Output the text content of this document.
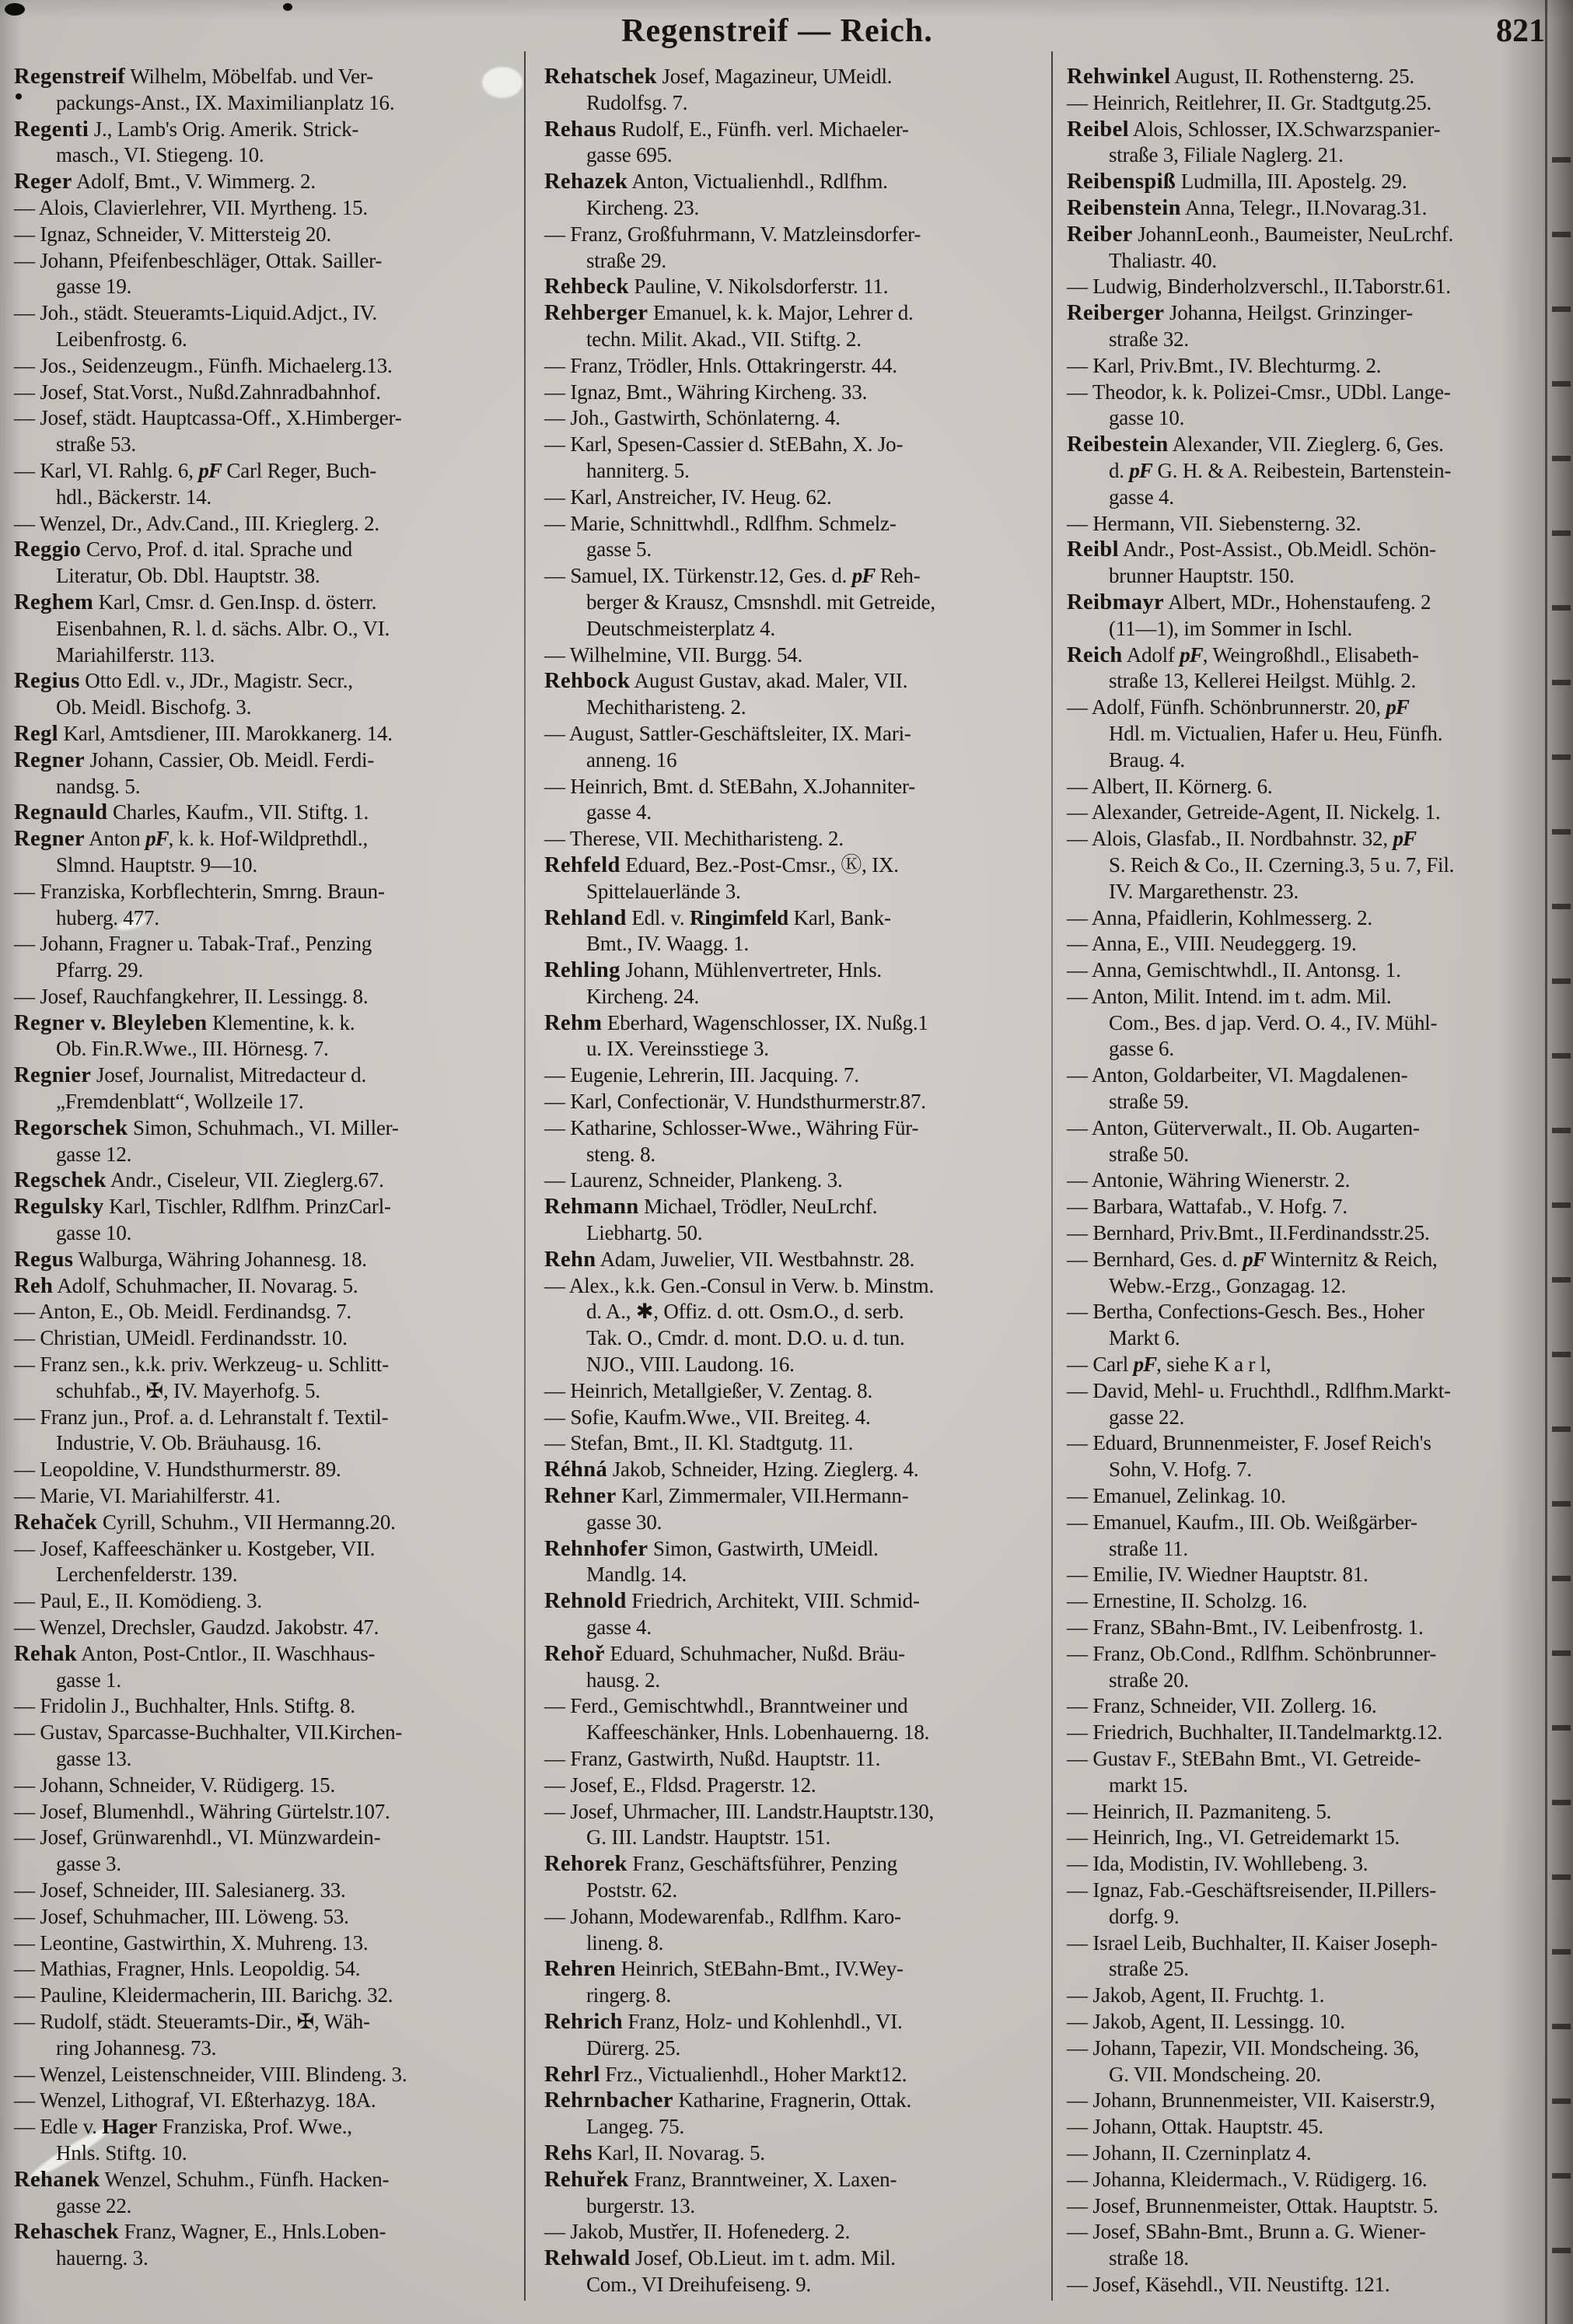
Regenstreif — Reich.	821
Regenstreif Wilhelm, Möbelfab. und Ver-
packungs-Anst., IX. Maximilianplatz 16.
Regenti J., Lamb's Orig. Amerik. Strick-
masch., VI. Stiegeng. 10.
Reger Adolf, Bmt., V. Wimmerg. 2.
— Alois, Clavierlehrer, VII. Myrtheng. 15.
— Ignaz, Schneider, V. Mittersteig 20.
— Johann, Pfeifenbeschläger, Ottak. Sailler-
gasse 19.
— Joh., städt. Steueramts-Liquid.Adjct., IV.
Leibenfrostg. 6.
— Jos., Seidenzeugm., Fünfh. Michaelerg.13.
— Josef, Stat.Vorst., Nußd.Zahnradbahnhof.
— Josef, städt. Hauptcassa-Off., X.Himberger-
straße 53.
— Karl, VI. Rahlg. 6, pF Carl Reger, Buch-
hdl., Bäckerstr. 14.
— Wenzel, Dr., Adv.Cand., III. Krieglerg. 2.
Reggio Cervo, Prof. d. ital. Sprache und
Literatur, Ob. Dbl. Hauptstr. 38.
Reghem Karl, Cmsr. d. Gen.Insp. d. österr.
Eisenbahnen, R. l. d. sächs. Albr. O., VI.
Mariahilferstr. 113.
Regius Otto Edl. v., JDr., Magistr. Secr.,
Ob. Meidl. Bischofg. 3.
Regl Karl, Amtsdiener, III. Marokkanerg. 14.
Regner Johann, Cassier, Ob. Meidl. Ferdi-
nandsg. 5.
Regnauld Charles, Kaufm., VII. Stiftg. 1.
Regner Anton pF, k. k. Hof-Wildprethdl.,
Slmnd. Hauptstr. 9—10.
— Franziska, Korbflechterin, Smrng. Braun-
huberg. 477.
— Johann, Fragner u. Tabak-Traf., Penzing
Pfarrg. 29.
— Josef, Rauchfangkehrer, II. Lessingg. 8.
Regner v. Bleyleben Klementine, k. k.
Ob. Fin.R.Wwe., III. Hörnesg. 7.
Regnier Josef, Journalist, Mitredacteur d.
„Fremdenblatt“, Wollzeile 17.
Regorschek Simon, Schuhmach., VI. Miller-
gasse 12.
Regschek Andr., Ciseleur, VII. Zieglerg.67.
Regulsky Karl, Tischler, Rdlfhm. PrinzCarl-
gasse 10.
Regus Walburga, Währing Johannesg. 18.
Reh Adolf, Schuhmacher, II. Novarag. 5.
— Anton, E., Ob. Meidl. Ferdinandsg. 7.
— Christian, UMeidl. Ferdinandsstr. 10.
— Franz sen., k.k. priv. Werkzeug- u. Schlitt-
schuhfab., ✠, IV. Mayerhofg. 5.
— Franz jun., Prof. a. d. Lehranstalt f. Textil-
Industrie, V. Ob. Bräuhausg. 16.
— Leopoldine, V. Hundsthurmerstr. 89.
— Marie, VI. Mariahilferstr. 41.
Rehaček Cyrill, Schuhm., VII Hermanng.20.
— Josef, Kaffeeschänker u. Kostgeber, VII.
Lerchenfelderstr. 139.
— Paul, E., II. Komödieng. 3.
— Wenzel, Drechsler, Gaudzd. Jakobstr. 47.
Rehak Anton, Post-Cntlor., II. Waschhaus-
gasse 1.
— Fridolin J., Buchhalter, Hnls. Stiftg. 8.
— Gustav, Sparcasse-Buchhalter, VII.Kirchen-
gasse 13.
— Johann, Schneider, V. Rüdigerg. 15.
— Josef, Blumenhdl., Währing Gürtelstr.107.
— Josef, Grünwarenhdl., VI. Münzwardein-
gasse 3.
— Josef, Schneider, III. Salesianerg. 33.
— Josef, Schuhmacher, III. Löweng. 53.
— Leontine, Gastwirthin, X. Muhreng. 13.
— Mathias, Fragner, Hnls. Leopoldig. 54.
— Pauline, Kleidermacherin, III. Barichg. 32.
— Rudolf, städt. Steueramts-Dir., ✠, Wäh-
ring Johannesg. 73.
— Wenzel, Leistenschneider, VIII. Blindeng. 3.
— Wenzel, Lithograf, VI. Eßterhazyg. 18A.
— Edle v. Hager Franziska, Prof. Wwe.,
Hnls. Stiftg. 10.
Rehanek Wenzel, Schuhm., Fünfh. Hacken-
gasse 22.
Rehaschek Franz, Wagner, E., Hnls.Loben-
hauerng. 3.
Rehatschek Josef, Magazineur, UMeidl.
Rudolfsg. 7.
Rehaus Rudolf, E., Fünfh. verl. Michaeler-
gasse 695.
Rehazek Anton, Victualienhdl., Rdlfhm.
Kircheng. 23.
— Franz, Großfuhrmann, V. Matzleinsdorfer-
straße 29.
Rehbeck Pauline, V. Nikolsdorferstr. 11.
Rehberger Emanuel, k. k. Major, Lehrer d.
techn. Milit. Akad., VII. Stiftg. 2.
— Franz, Trödler, Hnls. Ottakringerstr. 44.
— Ignaz, Bmt., Währing Kircheng. 33.
— Joh., Gastwirth, Schönlaterng. 4.
— Karl, Spesen-Cassier d. StEBahn, X. Jo-
hanniterg. 5.
— Karl, Anstreicher, IV. Heug. 62.
— Marie, Schnittwhdl., Rdlfhm. Schmelz-
gasse 5.
— Samuel, IX. Türkenstr.12, Ges. d. pF Reh-
berger & Krausz, Cmsnshdl. mit Getreide,
Deutschmeisterplatz 4.
— Wilhelmine, VII. Burgg. 54.
Rehbock August Gustav, akad. Maler, VII.
Mechitharisteng. 2.
— August, Sattler-Geschäftsleiter, IX. Mari-
anneng. 16
— Heinrich, Bmt. d. StEBahn, X.Johanniter-
gasse 4.
— Therese, VII. Mechitharisteng. 2.
Rehfeld Eduard, Bez.-Post-Cmsr., Ⓚ, IX.
Spittelauerlände 3.
Rehland Edl. v. Ringimfeld Karl, Bank-
Bmt., IV. Waagg. 1.
Rehling Johann, Mühlenvertreter, Hnls.
Kircheng. 24.
Rehm Eberhard, Wagenschlosser, IX. Nußg.1
u. IX. Vereinsstiege 3.
— Eugenie, Lehrerin, III. Jacquing. 7.
— Karl, Confectionär, V. Hundsthurmerstr.87.
— Katharine, Schlosser-Wwe., Währing Für-
steng. 8.
— Laurenz, Schneider, Plankeng. 3.
Rehmann Michael, Trödler, NeuLrchf.
Liebhartg. 50.
Rehn Adam, Juwelier, VII. Westbahnstr. 28.
— Alex., k.k. Gen.-Consul in Verw. b. Minstm.
d. A., ✱, Offiz. d. ott. Osm.O., d. serb.
Tak. O., Cmdr. d. mont. D.O. u. d. tun.
NJO., VIII. Laudong. 16.
— Heinrich, Metallgießer, V. Zentag. 8.
— Sofie, Kaufm.Wwe., VII. Breiteg. 4.
— Stefan, Bmt., II. Kl. Stadtgutg. 11.
Réhná Jakob, Schneider, Hzing. Zieglerg. 4.
Rehner Karl, Zimmermaler, VII.Hermann-
gasse 30.
Rehnhofer Simon, Gastwirth, UMeidl.
Mandlg. 14.
Rehnold Friedrich, Architekt, VIII. Schmid-
gasse 4.
Rehoř Eduard, Schuhmacher, Nußd. Bräu-
hausg. 2.
— Ferd., Gemischtwhdl., Branntweiner und
Kaffeeschänker, Hnls. Lobenhauerng. 18.
— Franz, Gastwirth, Nußd. Hauptstr. 11.
— Josef, E., Fldsd. Pragerstr. 12.
— Josef, Uhrmacher, III. Landstr.Hauptstr.130,
G. III. Landstr. Hauptstr. 151.
Rehorek Franz, Geschäftsführer, Penzing
Poststr. 62.
— Johann, Modewarenfab., Rdlfhm. Karo-
lineng. 8.
Rehren Heinrich, StEBahn-Bmt., IV.Wey-
ringerg. 8.
Rehrich Franz, Holz- und Kohlenhdl., VI.
Dürerg. 25.
Rehrl Frz., Victualienhdl., Hoher Markt12.
Rehrnbacher Katharine, Fragnerin, Ottak.
Langeg. 75.
Rehs Karl, II. Novarag. 5.
Rehuřek Franz, Branntweiner, X. Laxen-
burgerstr. 13.
— Jakob, Mustřer, II. Hofenederg. 2.
Rehwald Josef, Ob.Lieut. im t. adm. Mil.
Com., VI Dreihufeiseng. 9.
Rehwinkel August, II. Rothensterng. 25.
— Heinrich, Reitlehrer, II. Gr. Stadtgutg.25.
Reibel Alois, Schlosser, IX.Schwarzspanier-
straße 3, Filiale Naglerg. 21.
Reibenspiß Ludmilla, III. Apostelg. 29.
Reibenstein Anna, Telegr., II.Novarag.31.
Reiber JohannLeonh., Baumeister, NeuLrchf.
Thaliastr. 40.
— Ludwig, Binderholzverschl., II.Taborstr.61.
Reiberger Johanna, Heilgst. Grinzinger-
straße 32.
— Karl, Priv.Bmt., IV. Blechturmg. 2.
— Theodor, k. k. Polizei-Cmsr., UDbl. Lange-
gasse 10.
Reibestein Alexander, VII. Zieglerg. 6, Ges.
d. pF G. H. & A. Reibestein, Bartenstein-
gasse 4.
— Hermann, VII. Siebensterng. 32.
Reibl Andr., Post-Assist., Ob.Meidl. Schön-
brunner Hauptstr. 150.
Reibmayr Albert, MDr., Hohenstaufeng. 2
(11—1), im Sommer in Ischl.
Reich Adolf pF, Weingroßhdl., Elisabeth-
straße 13, Kellerei Heilgst. Mühlg. 2.
— Adolf, Fünfh. Schönbrunnerstr. 20, pF
Hdl. m. Victualien, Hafer u. Heu, Fünfh.
Braug. 4.
— Albert, II. Körnerg. 6.
— Alexander, Getreide-Agent, II. Nickelg. 1.
— Alois, Glasfab., II. Nordbahnstr. 32, pF
S. Reich & Co., II. Czerning.3, 5 u. 7, Fil.
IV. Margarethenstr. 23.
— Anna, Pfaidlerin, Kohlmesserg. 2.
— Anna, E., VIII. Neudeggerg. 19.
— Anna, Gemischtwhdl., II. Antonsg. 1.
— Anton, Milit. Intend. im t. adm. Mil.
Com., Bes. d jap. Verd. O. 4., IV. Mühl-
gasse 6.
— Anton, Goldarbeiter, VI. Magdalenen-
straße 59.
— Anton, Güterverwalt., II. Ob. Augarten-
straße 50.
— Antonie, Währing Wienerstr. 2.
— Barbara, Wattafab., V. Hofg. 7.
— Bernhard, Priv.Bmt., II.Ferdinandsstr.25.
— Bernhard, Ges. d. pF Winternitz & Reich,
Webw.-Erzg., Gonzagag. 12.
— Bertha, Confections-Gesch. Bes., Hoher
Markt 6.
— Carl pF, siehe K a r l,
— David, Mehl- u. Fruchthdl., Rdlfhm.Markt-
gasse 22.
— Eduard, Brunnenmeister, F. Josef Reich's
Sohn, V. Hofg. 7.
— Emanuel, Zelinkag. 10.
— Emanuel, Kaufm., III. Ob. Weißgärber-
straße 11.
— Emilie, IV. Wiedner Hauptstr. 81.
— Ernestine, II. Scholzg. 16.
— Franz, SBahn-Bmt., IV. Leibenfrostg. 1.
— Franz, Ob.Cond., Rdlfhm. Schönbrunner-
straße 20.
— Franz, Schneider, VII. Zollerg. 16.
— Friedrich, Buchhalter, II.Tandelmarktg.12.
— Gustav F., StEBahn Bmt., VI. Getreide-
markt 15.
— Heinrich, II. Pazmaniteng. 5.
— Heinrich, Ing., VI. Getreidemarkt 15.
— Ida, Modistin, IV. Wohllebeng. 3.
— Ignaz, Fab.-Geschäftsreisender, II.Pillers-
dorfg. 9.
— Israel Leib, Buchhalter, II. Kaiser Joseph-
straße 25.
— Jakob, Agent, II. Fruchtg. 1.
— Jakob, Agent, II. Lessingg. 10.
— Johann, Tapezir, VII. Mondscheing. 36,
G. VII. Mondscheing. 20.
— Johann, Brunnenmeister, VII. Kaiserstr.9,
— Johann, Ottak. Hauptstr. 45.
— Johann, II. Czerninplatz 4.
— Johanna, Kleidermach., V. Rüdigerg. 16.
— Josef, Brunnenmeister, Ottak. Hauptstr. 5.
— Josef, SBahn-Bmt., Brunn a. G. Wiener-
straße 18.
— Josef, Käsehdl., VII. Neustiftg. 121.
